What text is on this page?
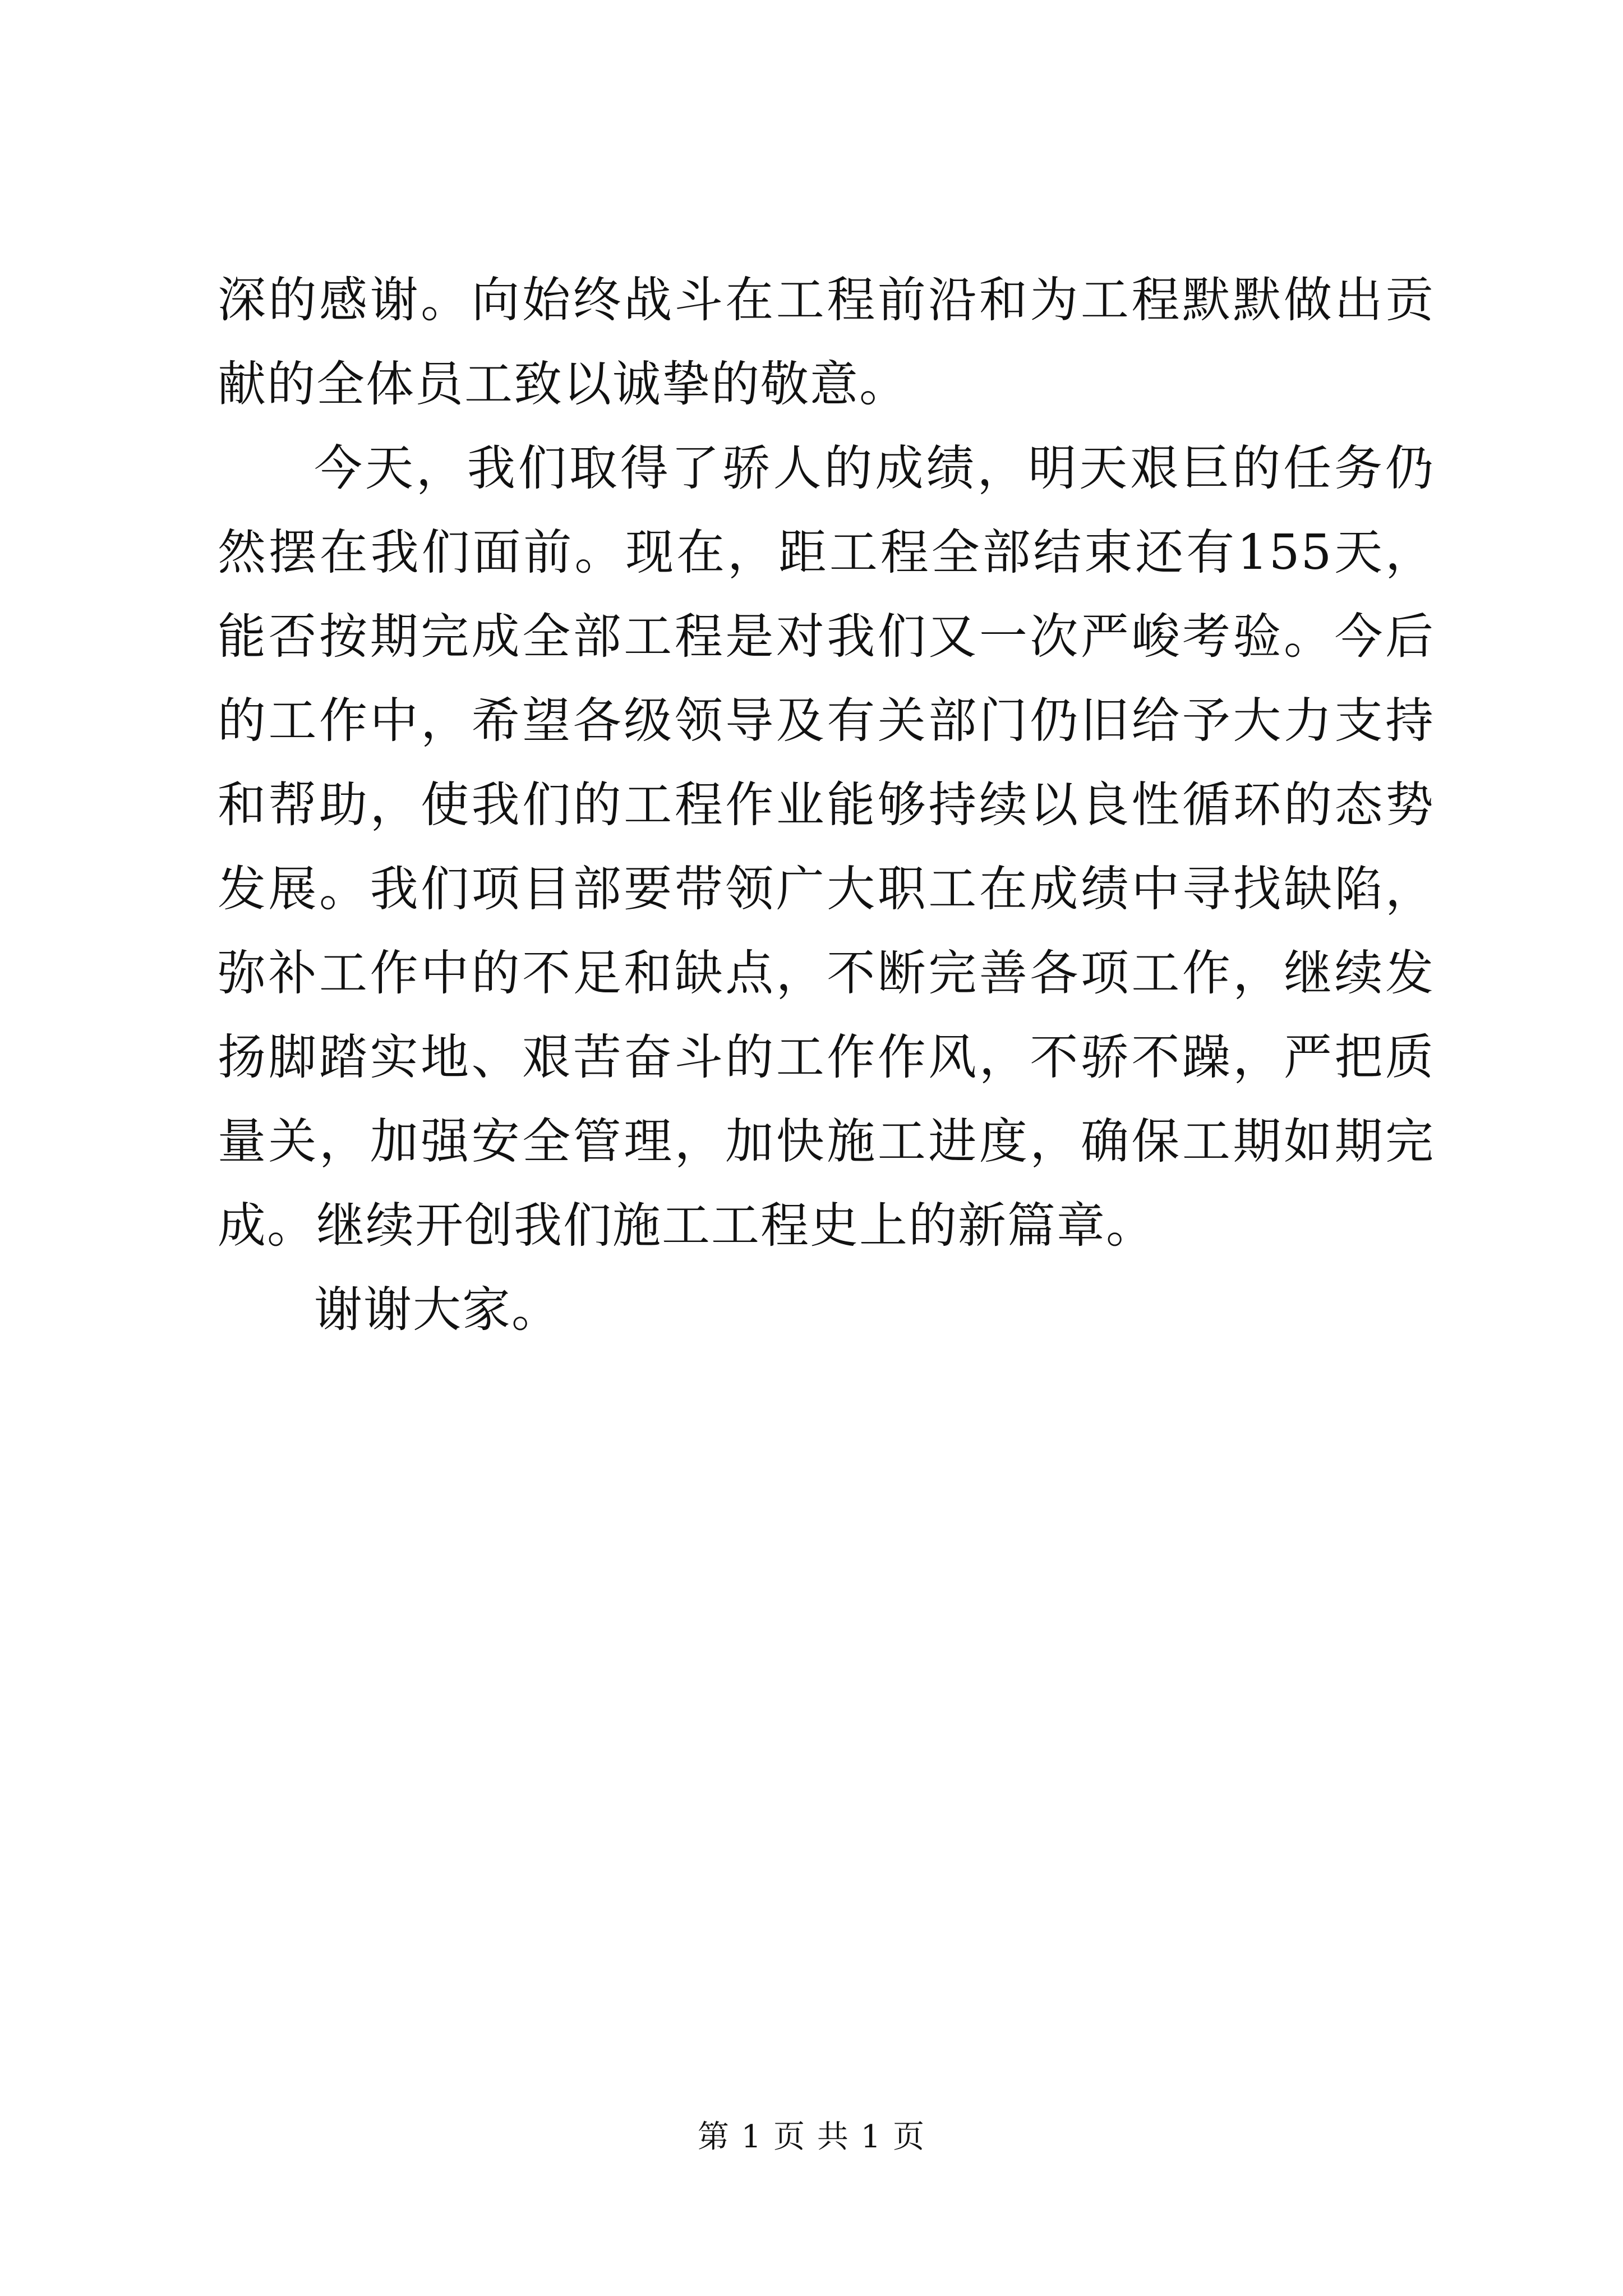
深的感谢。向始终战斗在工程前沿和为工程默默做出贡献的全体员工致以诚挚的敬意。

今天，我们取得了骄人的成绩，明天艰巨的任务仍然摆在我们面前。现在，距工程全部结束还有155天，能否按期完成全部工程是对我们又一次严峻考验。今后的工作中，希望各级领导及有关部门仍旧给予大力支持和帮助，使我们的工程作业能够持续以良性循环的态势发展。我们项目部要带领广大职工在成绩中寻找缺陷，弥补工作中的不足和缺点，不断完善各项工作，继续发扬脚踏实地、艰苦奋斗的工作作风，不骄不躁，严把质量关，加强安全管理，加快施工进度，确保工期如期完成。继续开创我们施工工程史上的新篇章。

谢谢大家。

第 1 页 共 1 页
